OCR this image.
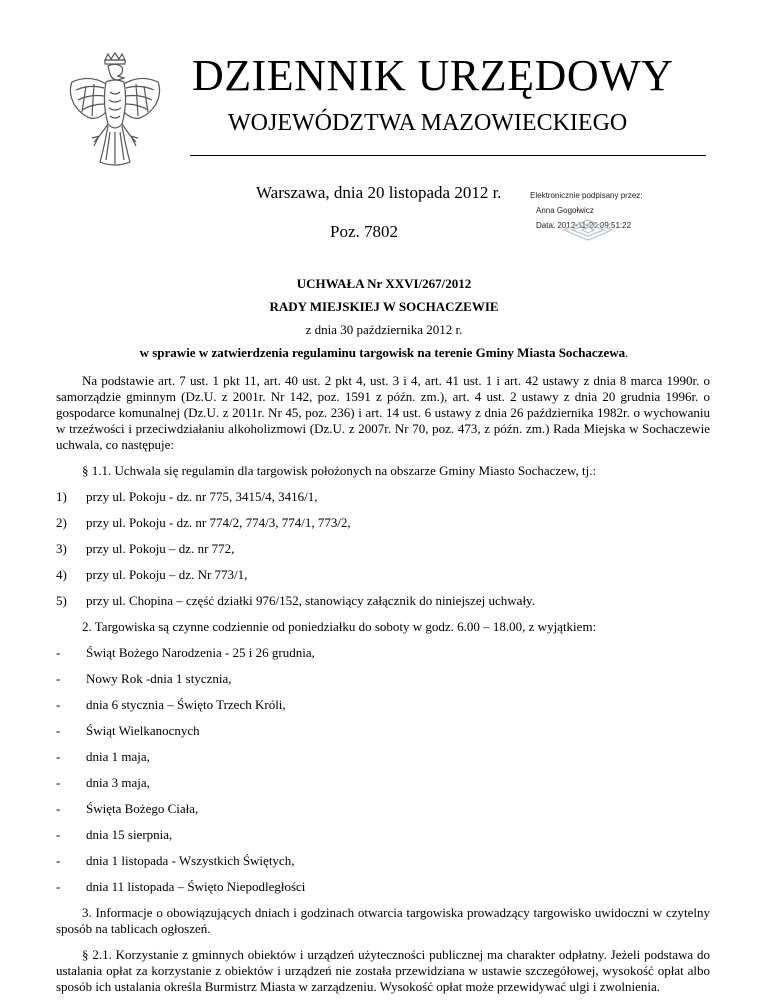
DZIENNIK URZĘDOWY
WOJEWÓDZTWA MAZOWIECKIEGO
Warszawa, dnia 20 listopada 2012 r.
Poz. 7802
Elektronicznie podpisany przez:
Anna Gogołwicz
Data: 2012-11-20 09:51:22
UCHWAŁA Nr XXVI/267/2012
RADY MIEJSKIEJ W SOCHACZEWIE
z dnia 30 października 2012 r.
w sprawie w zatwierdzenia regulaminu targowisk na terenie Gminy Miasta Sochaczewa.

Na podstawie art. 7 ust. 1 pkt 11, art. 40 ust. 2 pkt 4, ust. 3 i 4, art. 41 ust. 1 i art. 42 ustawy z dnia 8 marca 1990r. o samorządzie gminnym (Dz.U. z 2001r. Nr 142, poz. 1591 z późn. zm.), art. 4 ust. 2 ustawy z dnia 20 grudnia 1996r. o gospodarce komunalnej (Dz.U. z 2011r. Nr 45, poz. 236) i art. 14 ust. 6 ustawy z dnia 26 października 1982r. o wychowaniu w trzeźwości i przeciwdziałaniu alkoholizmowi (Dz.U. z 2007r. Nr 70, poz. 473, z późn. zm.) Rada Miejska w Sochaczewie uchwala, co następuje:

§ 1.1. Uchwala się regulamin dla targowisk położonych na obszarze Gminy Miasto Sochaczew, tj.:

1)	przy ul. Pokoju - dz. nr 775, 3415/4, 3416/1,
2)	przy ul. Pokoju - dz. nr 774/2, 774/3, 774/1, 773/2,
3)	przy ul. Pokoju – dz. nr 772,
4)	przy ul. Pokoju – dz. Nr 773/1,
5)	przy ul. Chopina – część działki 976/152, stanowiący załącznik do niniejszej uchwały.

2. Targowiska są czynne codziennie od poniedziałku do soboty w godz. 6.00 – 18.00, z wyjątkiem:

-	Świąt Bożego Narodzenia - 25 i 26 grudnia,
-	Nowy Rok -dnia 1 stycznia,
-	dnia 6 stycznia – Święto Trzech Króli,
-	Świąt Wielkanocnych
-	dnia 1 maja,
-	dnia 3 maja,
-	Święta Bożego Ciała,
-	dnia 15 sierpnia,
-	dnia 1 listopada - Wszystkich Świętych,
-	dnia 11 listopada – Święto Niepodległości

3. Informacje o obowiązujących dniach i godzinach otwarcia targowiska prowadzący targowisko uwidoczni w czytelny sposób na tablicach ogłoszeń.

§ 2.1. Korzystanie z gminnych obiektów i urządzeń użyteczności publicznej ma charakter odpłatny. Jeżeli podstawa do ustalania opłat za korzystanie z obiektów i urządzeń nie została przewidziana w ustawie szczegółowej, wysokość opłat albo sposób ich ustalania określa Burmistrz Miasta w zarządzeniu. Wysokość opłat może przewidywać ulgi i zwolnienia.
